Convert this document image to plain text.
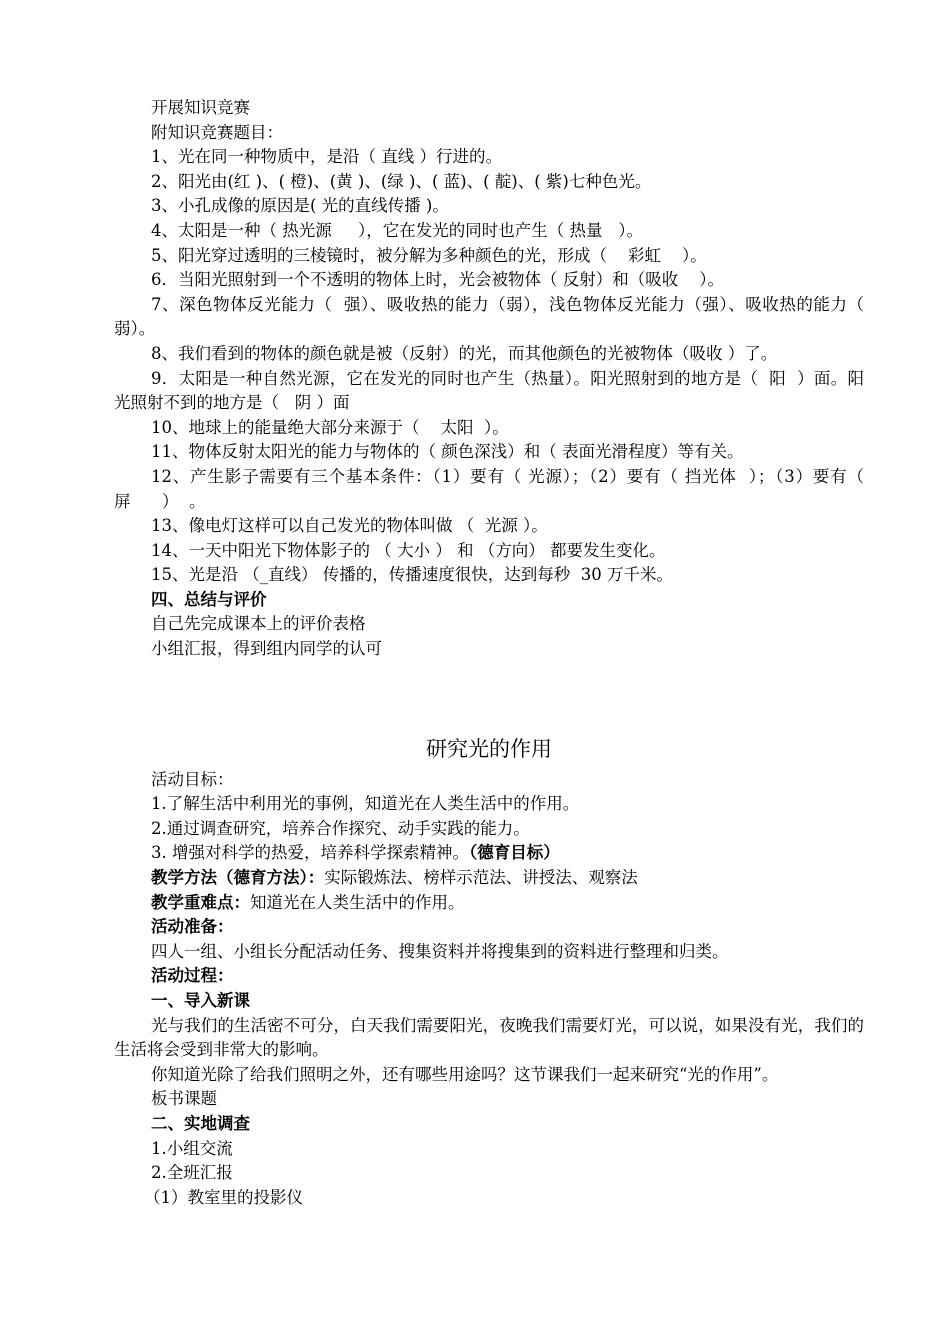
开展知识竞赛
附知识竞赛题目：
1、光在同一种物质中，是沿（ 直线 ）行进的。
2、阳光由(红 )、( 橙)、(黄 )、(绿 )、( 蓝)、( 靛)、( 紫)七种色光。
3、小孔成像的原因是( 光的直线传播 )。
4、太阳是一种（ 热光源     ），它在发光的同时也产生（ 热量   ）。
5、阳光穿过透明的三棱镜时，被分解为多种颜色的光，形成（    彩虹    ）。
6．当阳光照射到一个不透明的物体上时，光会被物体（ 反射）和（吸收    ）。
7、深色物体反光能力（  强）、吸收热的能力（弱），浅色物体反光能力（强）、吸收热的能力（  弱）。
8、我们看到的物体的颜色就是被（反射）的光，而其他颜色的光被物体（吸收 ）了。
9．太阳是一种自然光源，它在发光的同时也产生（热量）。阳光照射到的地方是（  阳  ）面。阳光照射不到的地方是（   阴 ）面
10、地球上的能量绝大部分来源于（    太阳  ）。
11、物体反射太阳光的能力与物体的（ 颜色深浅）和（ 表面光滑程度）等有关。
12、产生影子需要有三个基本条件：（1）要有（ 光源）；（2）要有（ 挡光体  ）；（3）要有（    屏      ）  。
13、像电灯这样可以自己发光的物体叫做 （  光源 ）。
14、一天中阳光下物体影子的 （ 大小 ） 和 （方向） 都要发生变化。
15、光是沿 （_直线） 传播的，传播速度很快，达到每秒  30 万千米。
四、总结与评价
自己先完成课本上的评价表格
小组汇报，得到组内同学的认可
研究光的作用
活动目标：
1.了解生活中利用光的事例，知道光在人类生活中的作用。
2.通过调查研究，培养合作探究、动手实践的能力。
3. 增强对科学的热爱，培养科学探索精神。（德育目标）
教学方法（德育方法）：实际锻炼法、榜样示范法、讲授法、观察法
教学重难点：知道光在人类生活中的作用。
活动准备：
四人一组、小组长分配活动任务、搜集资料并将搜集到的资料进行整理和归类。
活动过程：
一、导入新课
光与我们的生活密不可分，白天我们需要阳光，夜晚我们需要灯光，可以说，如果没有光，我们的生活将会受到非常大的影响。
你知道光除了给我们照明之外，还有哪些用途吗？这节课我们一起来研究“光的作用”。
板书课题
二、实地调查
1.小组交流
2.全班汇报
（1）教室里的投影仪
